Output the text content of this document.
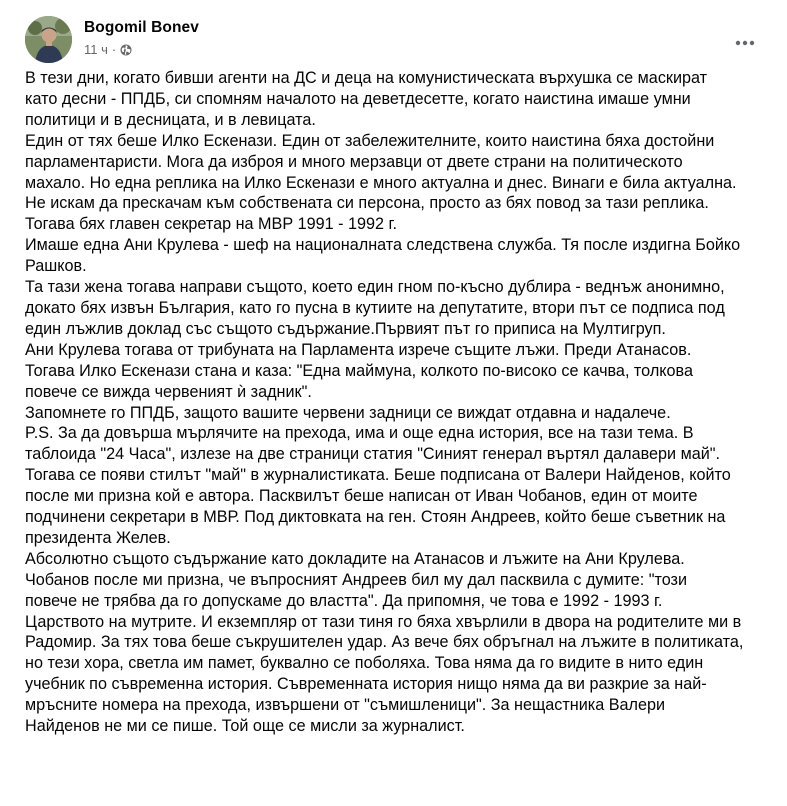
Bogomil Bonev
11 ч ·

В тези дни, когато бивши агенти на ДС и деца на комунистическата върхушка се маскират

като десни - ППДБ, си спомням началото на деветдесетте, когато наистина имаше умни

политици и в десницата, и в левицата.

Един от тях беше Илко Ескенази. Един от забележителните, които наистина бяха достойни

парламентаристи. Мога да изброя и много мерзавци от двете страни на политическото

махало. Но една реплика на Илко Ескенази е много актуална и днес. Винаги е била актуална.

Не искам да прескачам към собствената си персона, просто аз бях повод за тази реплика.

Тогава бях главен секретар на МВР 1991 - 1992 г.

Имаше една Ани Крулева - шеф на националната следствена служба. Тя после издигна Бойко

Рашков.

Та тази жена тогава направи същото, което един гном по-късно дублира - веднъж анонимно,

докато бях извън България, като го пусна в кутиите на депутатите, втори път се подписа под

един лъжлив доклад със същото съдържание.Първият път го приписа на Мултигруп.

Ани Крулева тогава от трибуната на Парламента изрече същите лъжи. Преди Атанасов.

Тогава Илко Ескенази стана и каза: "Една маймуна, колкото по-високо се качва, толкова

повече се вижда червеният ѝ задник".

Запомнете го ППДБ, защото вашите червени задници се виждат отдавна и надалече.

P.S. За да довърша мърлячите на прехода, има и още една история, все на тази тема. В

таблоида "24 Часа", излезе на две страници статия "Синият генерал въртял далавери май".

Тогава се появи стилът "май" в журналистиката. Беше подписана от Валери Найденов, който

после ми призна кой е автора. Пасквилът беше написан от Иван Чобанов, един от моите

подчинени секретари в МВР. Под диктовката на ген. Стоян Андреев, който беше съветник на

президента Желев.

Абсолютно същото съдържание като докладите на Атанасов и лъжите на Ани Крулева.

Чобанов после ми призна, че въпросният Андреев бил му дал пасквила с думите: "този

повече не трябва да го допускаме до властта". Да припомня, че това е 1992 - 1993 г.

Царството на мутрите. И екземпляр от тази тиня го бяха хвърлили в двора на родителите ми в

Радомир. За тях това беше съкрушителен удар. Аз вече бях обръгнал на лъжите в политиката,

но тези хора, светла им памет, буквално се поболяха. Това няма да го видите в нито един

учебник по съвременна история. Съвременната история нищо няма да ви разкрие за най-

мръсните номера на прехода, извършени от "съмишленици". За нещастника Валери

Найденов не ми се пише. Той още се мисли за журналист.
